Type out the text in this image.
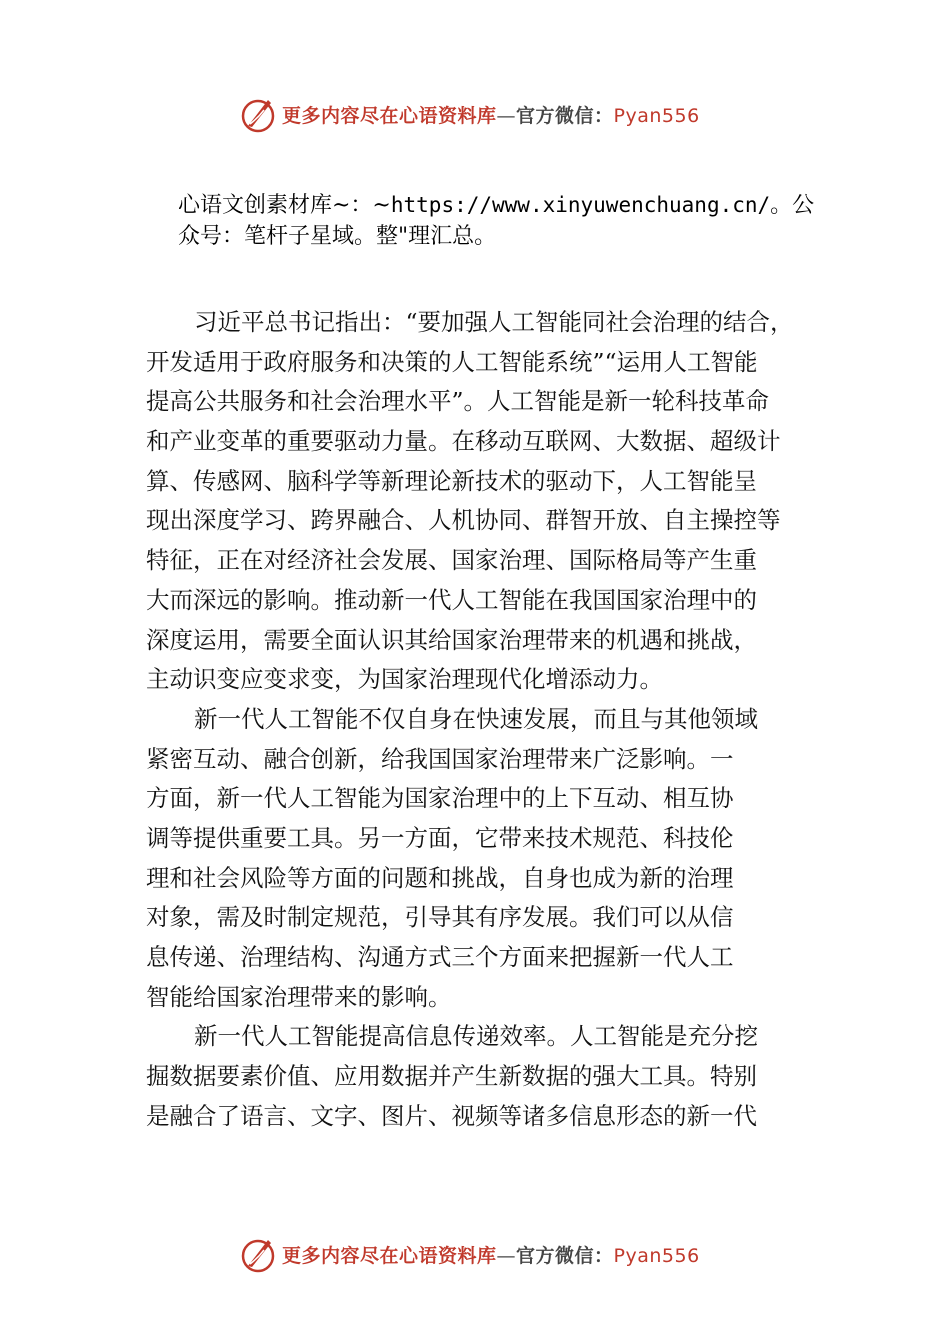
更多内容尽在心语资料库—官方微信：Pyan556
心语文创素材库~：~https://www.xinyuwenchuang.cn/。公
众号：笔杆子星域。整"理汇总。
习近平总书记指出：“要加强人工智能同社会治理的结合，
开发适用于政府服务和决策的人工智能系统”“运用人工智能
提高公共服务和社会治理水平”。人工智能是新一轮科技革命
和产业变革的重要驱动力量。在移动互联网、大数据、超级计
算、传感网、脑科学等新理论新技术的驱动下，人工智能呈
现出深度学习、跨界融合、人机协同、群智开放、自主操控等
特征，正在对经济社会发展、国家治理、国际格局等产生重
大而深远的影响。推动新一代人工智能在我国国家治理中的
深度运用，需要全面认识其给国家治理带来的机遇和挑战，
主动识变应变求变，为国家治理现代化增添动力。
新一代人工智能不仅自身在快速发展，而且与其他领域
紧密互动、融合创新，给我国国家治理带来广泛影响。一
方面，新一代人工智能为国家治理中的上下互动、相互协
调等提供重要工具。另一方面，它带来技术规范、科技伦
理和社会风险等方面的问题和挑战，自身也成为新的治理
对象，需及时制定规范，引导其有序发展。我们可以从信
息传递、治理结构、沟通方式三个方面来把握新一代人工
智能给国家治理带来的影响。
新一代人工智能提高信息传递效率。人工智能是充分挖
掘数据要素价值、应用数据并产生新数据的强大工具。特别
是融合了语言、文字、图片、视频等诸多信息形态的新一代
更多内容尽在心语资料库—官方微信：Pyan556
